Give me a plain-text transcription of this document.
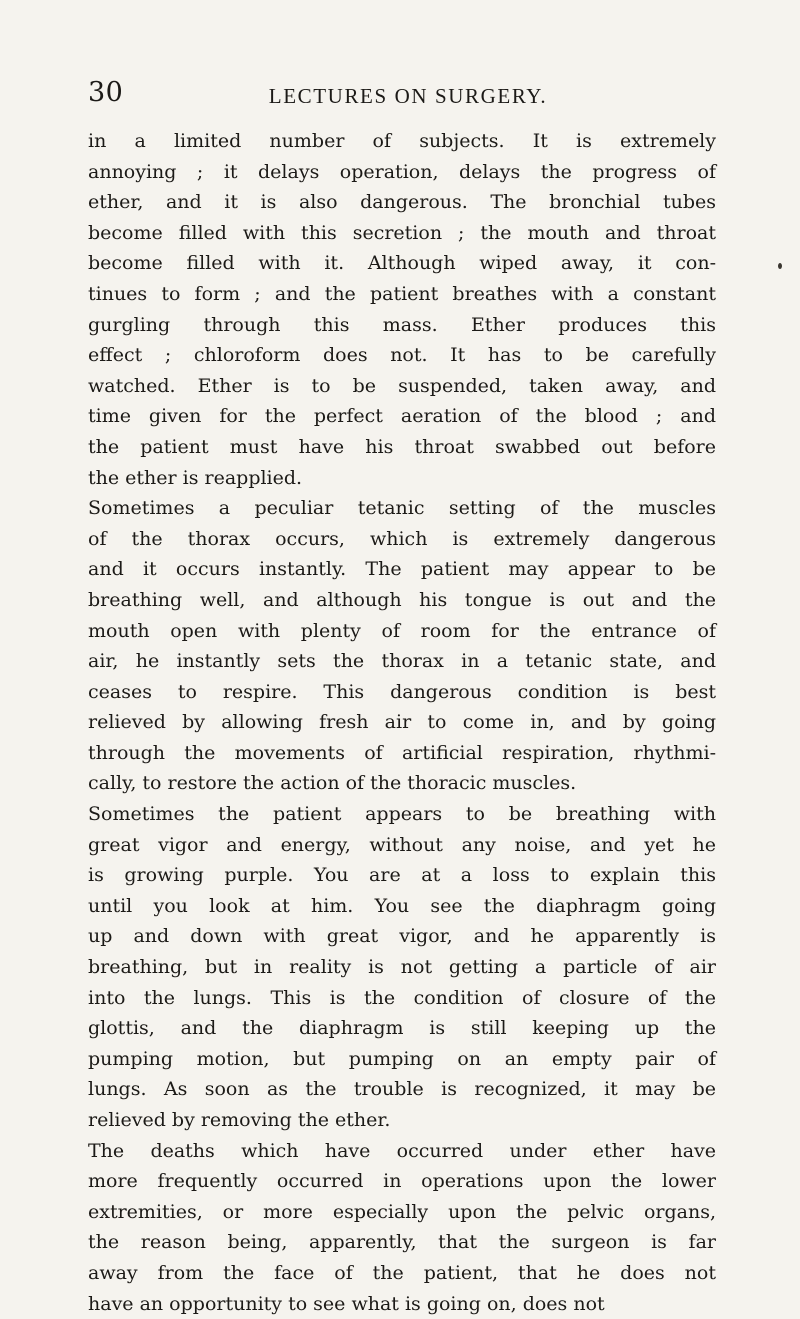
30	LECTURES ON SURGERY.
in a limited number of subjects. It is extremely
annoying ; it delays operation, delays the progress of
ether, and it is also dangerous. The bronchial tubes
become filled with this secretion ; the mouth and throat
become filled with it. Although wiped away, it con-
tinues to form ; and the patient breathes with a constant
gurgling through this mass. Ether produces this
effect ; chloroform does not. It has to be carefully
watched. Ether is to be suspended, taken away, and
time given for the perfect aeration of the blood ; and
the patient must have his throat swabbed out before
the ether is reapplied.
Sometimes a peculiar tetanic setting of the muscles
of the thorax occurs, which is extremely dangerous
and it occurs instantly. The patient may appear to be
breathing well, and although his tongue is out and the
mouth open with plenty of room for the entrance of
air, he instantly sets the thorax in a tetanic state, and
ceases to respire. This dangerous condition is best
relieved by allowing fresh air to come in, and by going
through the movements of artificial respiration, rhythmi-
cally, to restore the action of the thoracic muscles.
Sometimes the patient appears to be breathing with
great vigor and energy, without any noise, and yet he
is growing purple. You are at a loss to explain this
until you look at him. You see the diaphragm going
up and down with great vigor, and he apparently is
breathing, but in reality is not getting a particle of air
into the lungs. This is the condition of closure of the
glottis, and the diaphragm is still keeping up the
pumping motion, but pumping on an empty pair of
lungs. As soon as the trouble is recognized, it may be
relieved by removing the ether.
The deaths which have occurred under ether have
more frequently occurred in operations upon the lower
extremities, or more especially upon the pelvic organs,
the reason being, apparently, that the surgeon is far
away from the face of the patient, that he does not
have an opportunity to see what is going on, does not
